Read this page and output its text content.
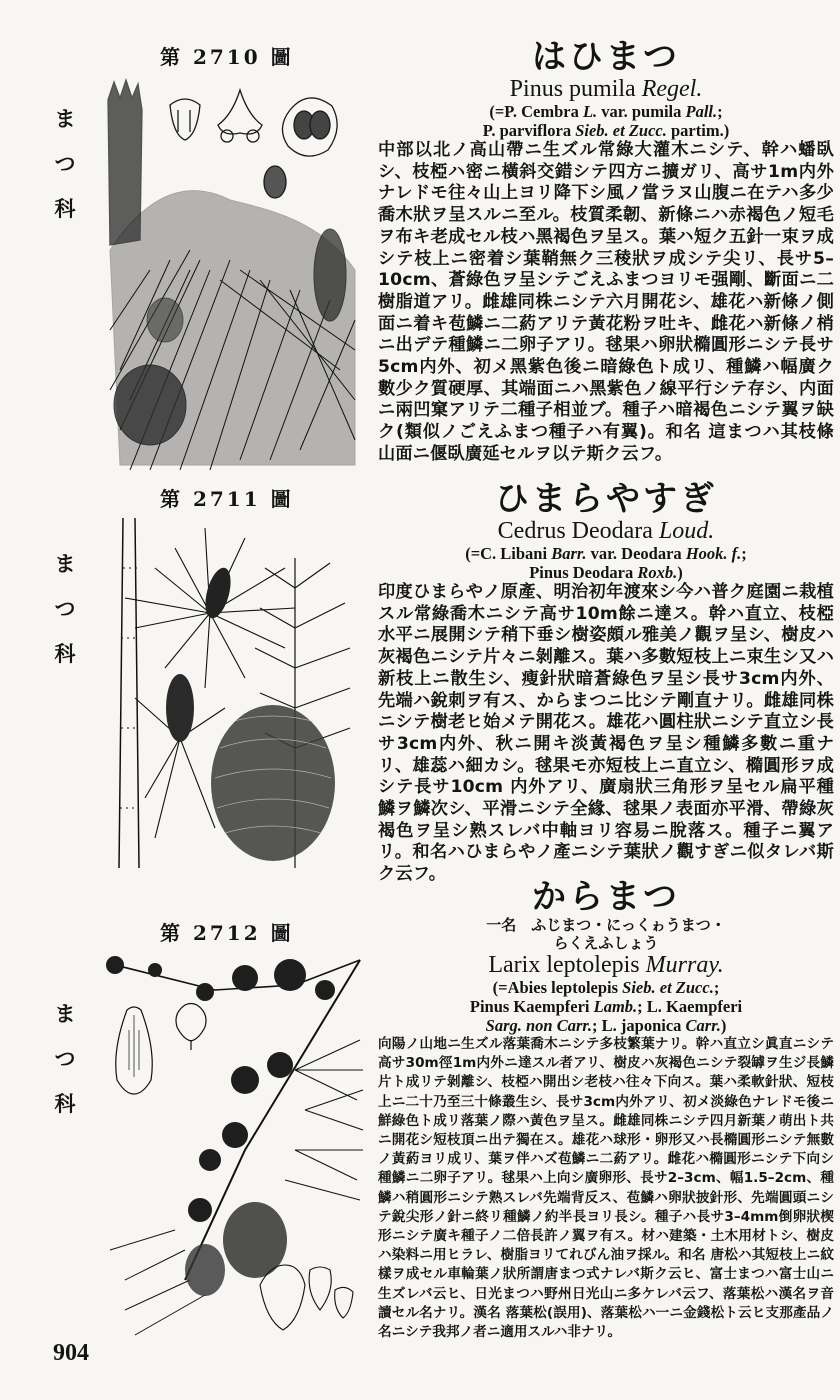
第 2710 圖
ま
つ
科
はひまつ
Pinus pumila Regel.
(=P. Cembra L. var. pumila Pall.;
P. parviflora Sieb. et Zucc. partim.)
中部以北ノ高山帶ニ生ズル常綠大灌木ニシテ、幹ハ蟠臥シ、枝椏ハ密ニ橫斜交錯シテ四方ニ擴ガリ、高サ1m内外ナレドモ往々山上ヨリ降下シ風ノ當ラヌ山腹ニ在テハ多少喬木狀ヲ呈スルニ至ル。枝質柔韌、新條ニハ赤褐色ノ短毛ヲ布キ老成セル枝ハ黑褐色ヲ呈ス。葉ハ短ク五針一束ヲ成シテ枝上ニ密着シ葉鞘無ク三稜狀ヲ成シテ尖リ、長サ5–10cm、蒼綠色ヲ呈シテごえふまつヨリモ强剛、斷面ニ二樹脂道アリ。雌雄同株ニシテ六月開花シ、雄花ハ新條ノ側面ニ着キ苞鱗ニ二葯アリテ黃花粉ヲ吐キ、雌花ハ新條ノ梢ニ出デテ種鱗ニ二卵子アリ。毬果ハ卵狀橢圓形ニシテ長サ5cm内外、初メ黑紫色後ニ暗綠色ト成リ、種鱗ハ幅廣ク數少ク質硬厚、其端面ニハ黑紫色ノ線平行シテ存シ、内面ニ兩凹窠アリテ二種子相並ブ。種子ハ暗褐色ニシテ翼ヲ缺ク(類似ノごえふまつ種子ハ有翼)。和名 這まつハ其枝條山面ニ偃臥廣延セルヲ以テ斯ク云フ。
第 2711 圖
ま
つ
科
ひまらやすぎ
Cedrus Deodara Loud.
(=C. Libani Barr. var. Deodara Hook. f.;
Pinus Deodara Roxb.)
印度ひまらやノ原產、明治初年渡來シ今ハ普ク庭園ニ栽植スル常綠喬木ニシテ高サ10m餘ニ達ス。幹ハ直立、枝椏水平ニ展開シテ稍下垂シ樹姿頗ル雅美ノ觀ヲ呈シ、樹皮ハ灰褐色ニシテ片々ニ剝離ス。葉ハ多數短枝上ニ束生シ又ハ新枝上ニ散生シ、瘦針狀暗蒼綠色ヲ呈シ長サ3cm内外、先端ハ銳刺ヲ有ス、からまつニ比シテ剛直ナリ。雌雄同株ニシテ樹老ヒ始メテ開花ス。雄花ハ圓柱狀ニシテ直立シ長サ3cm内外、秋ニ開キ淡黃褐色ヲ呈シ種鱗多數ニ重ナリ、雄蕊ハ細カシ。毬果モ亦短枝上ニ直立シ、橢圓形ヲ成シテ長サ10cm 内外アリ、廣扇狀三角形ヲ呈セル扁平種鱗ヲ鱗次シ、平滑ニシテ全緣、毬果ノ表面亦平滑、帶綠灰褐色ヲ呈シ熟スレバ中軸ヨリ容易ニ脫落ス。種子ニ翼アリ。和名ハひまらやノ產ニシテ葉狀ノ觀すぎニ似タレバ斯ク云フ。
第 2712 圖
ま
つ
科
からまつ
一名　ふじまつ・にっくゎうまつ・
らくえふしょう
Larix leptolepis Murray.
(=Abies leptolepis Sieb. et Zucc.;
Pinus Kaempferi Lamb.; L. Kaempferi
Sarg. non Carr.; L. japonica Carr.)
向陽ノ山地ニ生ズル落葉喬木ニシテ多枝繁葉ナリ。幹ハ直立シ眞直ニシテ高サ30m徑1m内外ニ達スル者アリ、樹皮ハ灰褐色ニシテ裂罅ヲ生ジ長鱗片ト成リテ剝離シ、枝椏ハ開出シ老枝ハ往々下向ス。葉ハ柔軟針狀、短枝上ニ二十乃至三十條叢生シ、長サ3cm内外アリ、初メ淡綠色ナレドモ後ニ鮮綠色ト成リ落葉ノ際ハ黃色ヲ呈ス。雌雄同株ニシテ四月新葉ノ萌出ト共ニ開花シ短枝頂ニ出テ獨在ス。雄花ハ球形・卵形又ハ長橢圓形ニシテ無數ノ黃葯ヨリ成リ、葉ヲ伴ハズ苞鱗ニ二葯アリ。雌花ハ橢圓形ニシテ下向シ種鱗ニ二卵子アリ。毬果ハ上向シ廣卵形、長サ2–3cm、幅1.5–2cm、種鱗ハ稍圓形ニシテ熟スレバ先端背反ス、苞鱗ハ卵狀披針形、先端圓頭ニシテ銳尖形ノ針ニ終リ種鱗ノ約半長ヨリ長シ。種子ハ長サ3–4mm倒卵狀楔形ニシテ廣キ種子ノ二倍長許ノ翼ヲ有ス。材ハ建築・土木用材トシ、樹皮ハ染料ニ用ヒラレ、樹脂ヨリてれびん油ヲ採ル。和名 唐松ハ其短枝上ニ紋樣ヲ成セル車輪葉ノ狀所謂唐まつ式ナレバ斯ク云ヒ、富士まつハ富士山ニ生ズレバ云ヒ、日光まつハ野州日光山ニ多ケレバ云フ、落葉松ハ漢名ヲ音讀セル名ナリ。漢名 落葉松(誤用)、落葉松ハ一ニ金錢松ト云ヒ支那產品ノ名ニシテ我邦ノ者ニ適用スルハ非ナリ。
904
